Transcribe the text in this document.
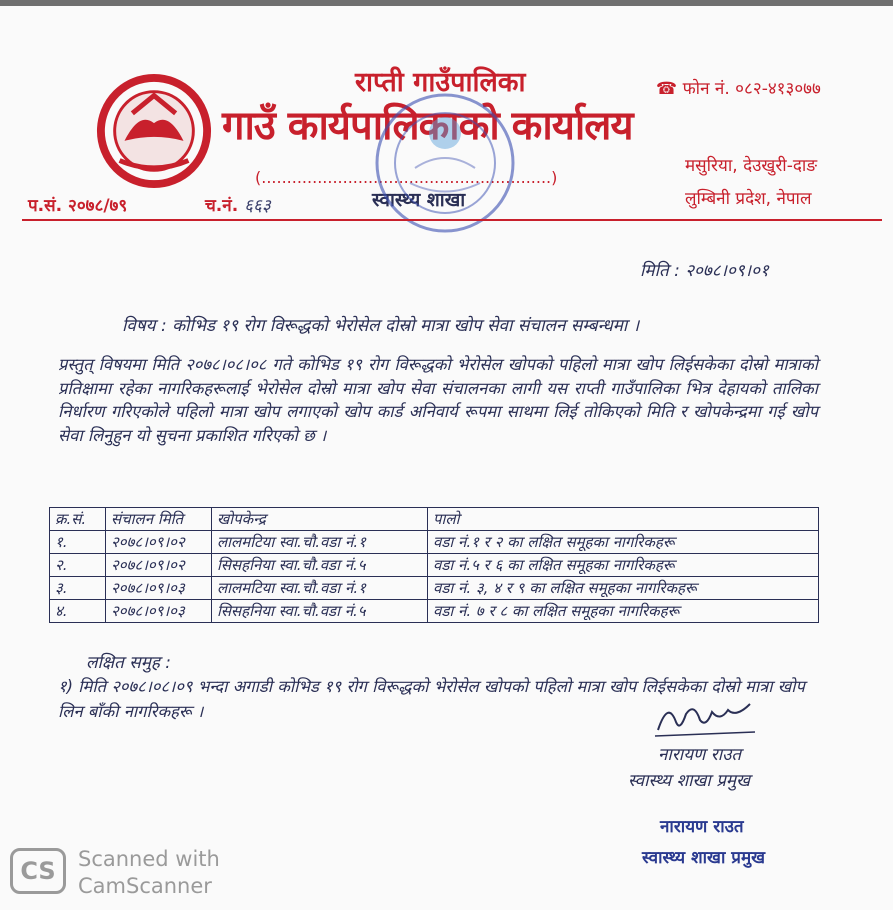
राप्ती गाउँपालिका
गाउँ कार्यपालिकाको कार्यालय
☎ फोन नं. ०८२-४१३०७७
मसुरिया, देउखुरी-दाङ
लुम्बिनी प्रदेश, नेपाल
(.........................................................)
प.सं. २०७८/७९	च.नं. ६६३	स्वास्थ्य शाखा
मिति : २०७८।०९।०१
विषय : कोभिड १९ रोग विरूद्धको भेरोसेल दोस्रो मात्रा खोप सेवा संचालन सम्बन्धमा ।
प्रस्तुत् विषयमा मिति २०७८।०८।०८ गते कोभिड १९ रोग विरूद्धको भेरोसेल खोपको पहिलो मात्रा खोप लिईसकेका दोस्रो मात्राको प्रतिक्षामा रहेका नागरिकहरूलाई भेरोसेल दोस्रो मात्रा खोप सेवा संचालनका लागी यस राप्ती गाउँपालिका भित्र देहायको तालिका निर्धारण गरिएकोले पहिलो मात्रा खोप लगाएको खोप कार्ड अनिवार्य रूपमा साथमा लिई तोकिएको मिति र खोपकेन्द्रमा गई खोप सेवा लिनुहुन यो सुचना प्रकाशित गरिएको छ ।
क्र.सं.	संचालन मिति	खोपकेन्द्र	पालो
१.	२०७८।०९।०२	लालमटिया स्वा.चौ.वडा नं.१	वडा नं.१ र २ का लक्षित समूहका नागरिकहरू
२.	२०७८।०९।०२	सिसहनिया स्वा.चौ.वडा नं.५	वडा नं.५ र ६ का लक्षित समूहका नागरिकहरू
३.	२०७८।०९।०३	लालमटिया स्वा.चौ.वडा नं.१	वडा नं. ३, ४ र ९ का लक्षित समूहका नागरिकहरू
४.	२०७८।०९।०३	सिसहनिया स्वा.चौ.वडा नं.५	वडा नं. ७ र ८ का लक्षित समूहका नागरिकहरू
लक्षित समुह :
१) मिति २०७८।०८।०९ भन्दा अगाडी कोभिड १९ रोग विरूद्धको भेरोसेल खोपको पहिलो मात्रा खोप लिईसकेका दोस्रो मात्रा खोप लिन बाँकी नागरिकहरू ।
नारायण राउत
स्वास्थ्य शाखा प्रमुख
नारायण राउत
स्वास्थ्य शाखा प्रमुख
CS	Scanned with
CamScanner
